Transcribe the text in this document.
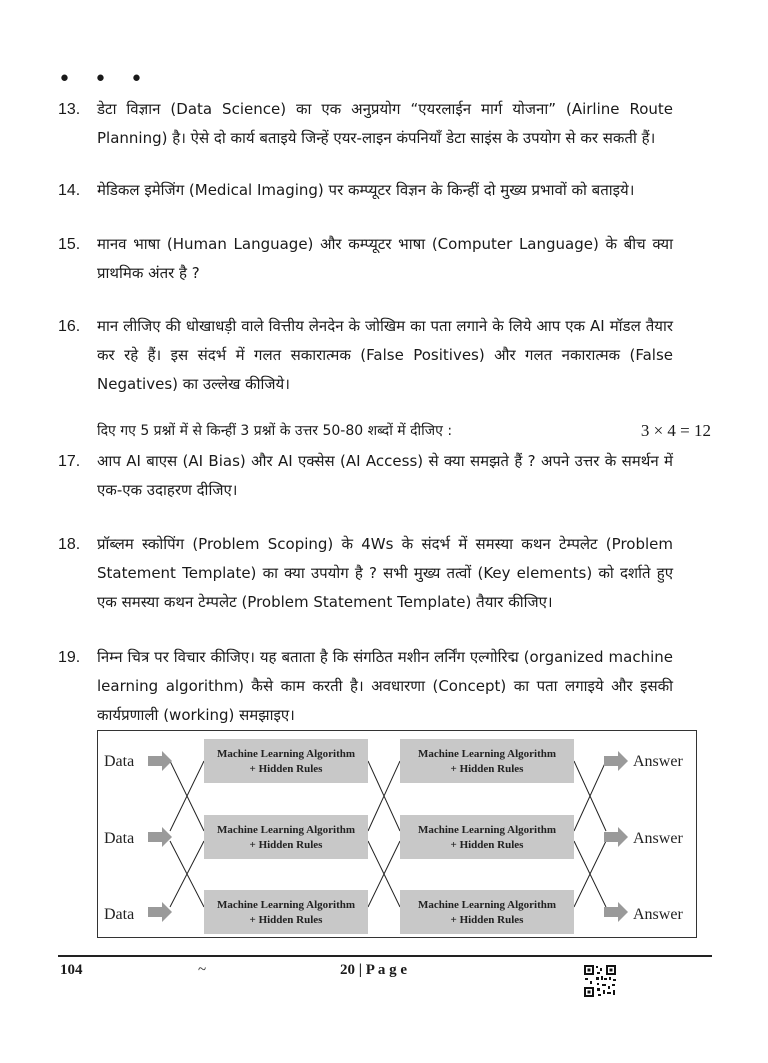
• • •
13. डेटा विज्ञान (Data Science) का एक अनुप्रयोग “एयरलाईन मार्ग योजना” (Airline Route Planning) है। ऐसे दो कार्य बताइये जिन्हें एयर-लाइन कंपनियाँ डेटा साइंस के उपयोग से कर सकती हैं।
14. मेडिकल इमेजिंग (Medical Imaging) पर कम्प्यूटर विज्ञन के किन्हीं दो मुख्य प्रभावों को बताइये।
15. मानव भाषा (Human Language) और कम्प्यूटर भाषा (Computer Language) के बीच क्या प्राथमिक अंतर है ?
16. मान लीजिए की धोखाधड़ी वाले वित्तीय लेनदेन के जोखिम का पता लगाने के लिये आप एक AI मॉडल तैयार कर रहे हैं। इस संदर्भ में गलत सकारात्मक (False Positives) और गलत नकारात्मक (False Negatives) का उल्लेख कीजिये।
दिए गए 5 प्रश्नों में से किन्हीं 3 प्रश्नों के उत्तर 50-80 शब्दों में दीजिए :	3 × 4 = 12
17. आप AI बाएस (AI Bias) और AI एक्सेस (AI Access) से क्या समझते हैं ? अपने उत्तर के समर्थन में एक-एक उदाहरण दीजिए।
18. प्रॉब्लम स्कोपिंग (Problem Scoping) के 4Ws के संदर्भ में समस्या कथन टेम्पलेट (Problem Statement Template) का क्या उपयोग है ? सभी मुख्य तत्वों (Key elements) को दर्शाते हुए एक समस्या कथन टेम्पलेट (Problem Statement Template) तैयार कीजिए।
19. निम्न चित्र पर विचार कीजिए। यह बताता है कि संगठित मशीन लर्निंग एल्गोरिद्म (organized machine learning algorithm) कैसे काम करती है। अवधारणा (Concept) का पता लगाइये और इसकी कार्यप्रणाली (working) समझाइए।
Data
Data
Data
Machine Learning Algorithm
+ Hidden Rules
Machine Learning Algorithm
+ Hidden Rules
Machine Learning Algorithm
+ Hidden Rules
Machine Learning Algorithm
+ Hidden Rules
Machine Learning Algorithm
+ Hidden Rules
Machine Learning Algorithm
+ Hidden Rules
Answer
Answer
Answer
104	~	20 | P a g e
